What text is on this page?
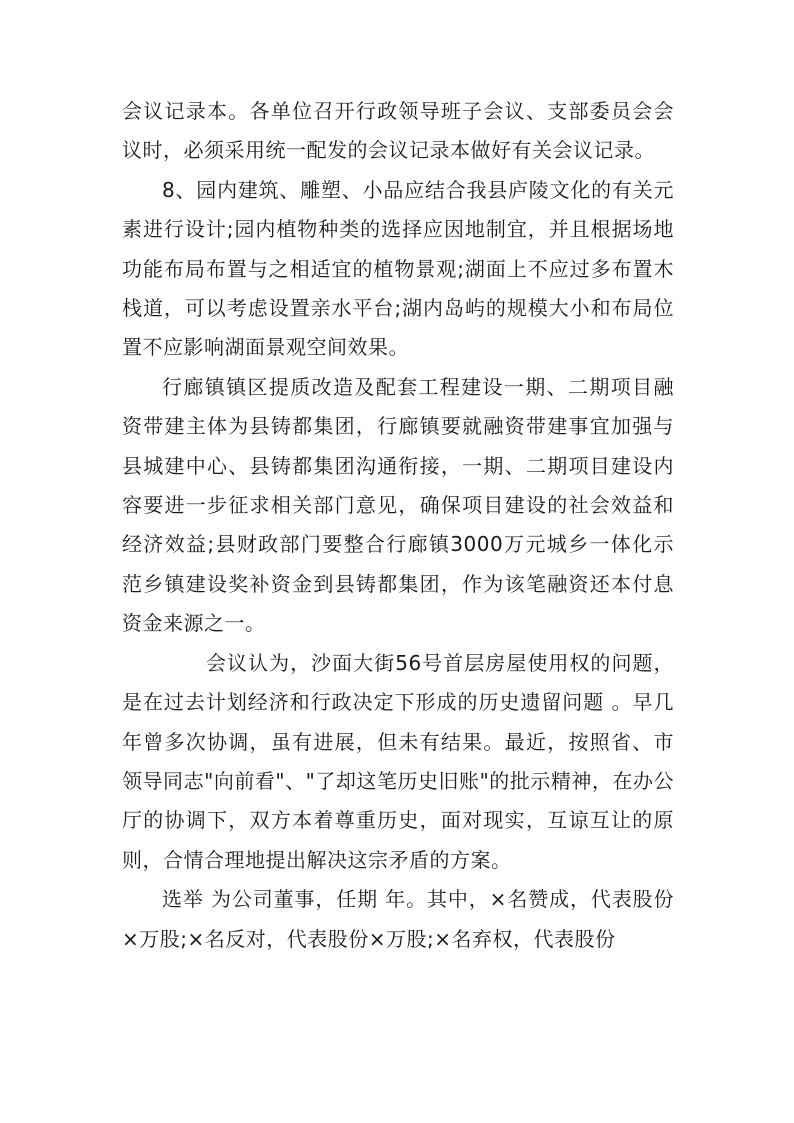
会议记录本。各单位召开行政领导班子会议、支部委员会会议时，必须采用统一配发的会议记录本做好有关会议记录。

8、园内建筑、雕塑、小品应结合我县庐陵文化的有关元素进行设计;园内植物种类的选择应因地制宜，并且根据场地功能布局布置与之相适宜的植物景观;湖面上不应过多布置木栈道，可以考虑设置亲水平台;湖内岛屿的规模大小和布局位置不应影响湖面景观空间效果。

行廊镇镇区提质改造及配套工程建设一期、二期项目融资带建主体为县铸都集团，行廊镇要就融资带建事宜加强与县城建中心、县铸都集团沟通衔接，一期、二期项目建设内容要进一步征求相关部门意见，确保项目建设的社会效益和经济效益;县财政部门要整合行廊镇3000万元城乡一体化示范乡镇建设奖补资金到县铸都集团，作为该笔融资还本付息资金来源之一。

会议认为，沙面大街56号首层房屋使用权的问题，是在过去计划经济和行政决定下形成的历史遗留问题 。早几年曾多次协调，虽有进展，但未有结果。最近，按照省、市领导同志"向前看"、"了却这笔历史旧账"的批示精神，在办公厅的协调下，双方本着尊重历史，面对现实，互谅互让的原则，合情合理地提出解决这宗矛盾的方案。

选举 为公司董事，任期 年。其中，×名赞成，代表股份×万股;×名反对，代表股份×万股;×名弃权，代表股份
